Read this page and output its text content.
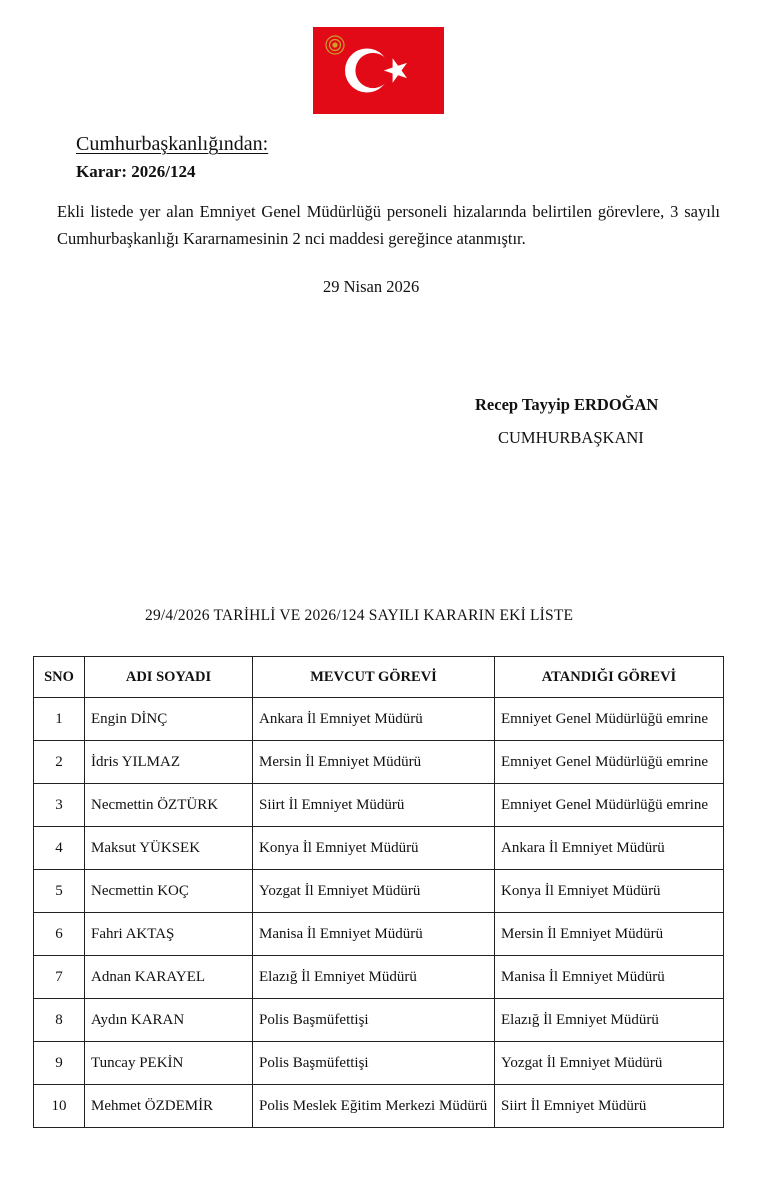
Cumhurbaşkanlığından:
Karar: 2026/124
Ekli listede yer alan Emniyet Genel Müdürlüğü personeli hizalarında belirtilen görevlere, 3 sayılı Cumhurbaşkanlığı Kararnamesinin 2 nci maddesi gereğince atanmıştır.
29 Nisan 2026
Recep Tayyip ERDOĞAN
CUMHURBAŞKANI
29/4/2026 TARİHLİ VE 2026/124 SAYILI KARARIN EKİ LİSTE
SNO	ADI SOYADI	MEVCUT GÖREVİ	ATANDIĞI GÖREVİ
1	Engin DİNÇ	Ankara İl Emniyet Müdürü	Emniyet Genel Müdürlüğü emrine
2	İdris YILMAZ	Mersin İl Emniyet Müdürü	Emniyet Genel Müdürlüğü emrine
3	Necmettin ÖZTÜRK	Siirt İl Emniyet Müdürü	Emniyet Genel Müdürlüğü emrine
4	Maksut YÜKSEK	Konya İl Emniyet Müdürü	Ankara İl Emniyet Müdürü
5	Necmettin KOÇ	Yozgat İl Emniyet Müdürü	Konya İl Emniyet Müdürü
6	Fahri AKTAŞ	Manisa İl Emniyet Müdürü	Mersin İl Emniyet Müdürü
7	Adnan KARAYEL	Elazığ İl Emniyet Müdürü	Manisa İl Emniyet Müdürü
8	Aydın KARAN	Polis Başmüfettişi	Elazığ İl Emniyet Müdürü
9	Tuncay PEKİN	Polis Başmüfettişi	Yozgat İl Emniyet Müdürü
10	Mehmet ÖZDEMİR	Polis Meslek Eğitim Merkezi Müdürü	Siirt İl Emniyet Müdürü
